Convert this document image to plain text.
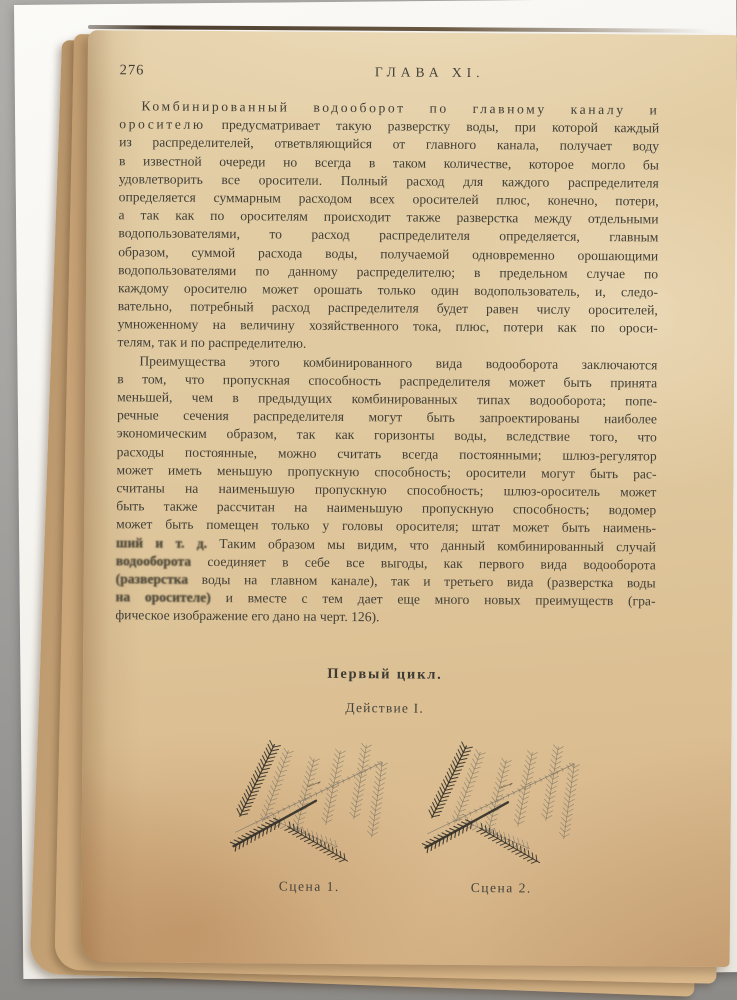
276	ГЛАВА XI.
Комбинированный водооборот по главному каналу и
оросителю предусматривает такую разверстку воды, при которой каждый
из распределителей, ответвляющийся от главного канала, получает воду
в известной очереди но всегда в таком количестве, которое могло бы
удовлетворить все оросители. Полный расход для каждого распределителя
определяется суммарным расходом всех оросителей плюс, конечно, потери,
а так как по оросителям происходит также разверстка между отдельными
водопользователями, то расход распределителя определяется, главным
образом, суммой расхода воды, получаемой одновременно орошающими
водопользователями по данному распределителю; в предельном случае по
каждому оросителю может орошать только один водопользователь, и, следо-
вательно, потребный расход распределителя будет равен числу оросителей,
умноженному на величину хозяйственного тока, плюс, потери как по ороси-
телям, так и по распределителю.
Преимущества этого комбинированного вида водооборота заключаются
в том, что пропускная способность распределителя может быть принята
меньшей, чем в предыдущих комбинированных типах водооборота; попе-
речные сечения распределителя могут быть запроектированы наиболее
экономическим образом, так как горизонты воды, вследствие того, что
расходы постоянные, можно считать всегда постоянными; шлюз-регулятор
может иметь меньшую пропускную способность; оросители могут быть рас-
считаны на наименьшую пропускную способность; шлюз-ороситель может
быть также рассчитан на наименьшую пропускную способность; водомер
может быть помещен только у головы оросителя; штат может быть наимень-
ший и т. д. Таким образом мы видим, что данный комбинированный случай
водооборота соединяет в себе все выгоды, как первого вида водооборота
(разверстка воды на главном канале), так и третьего вида (разверстка воды
на оросителе) и вместе с тем дает еще много новых преимуществ (гра-
фическое изображение его дано на черт. 126).
Первый цикл.
Действие I.
Сцена 1.	Сцена 2.
